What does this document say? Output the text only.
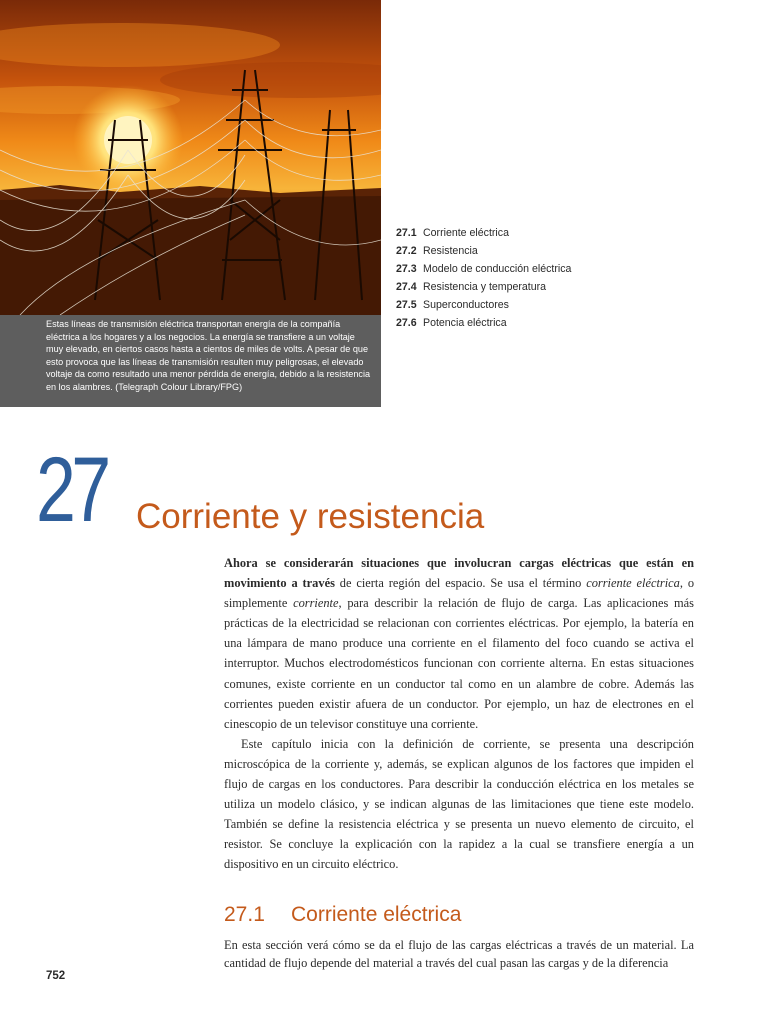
Estas líneas de transmisión eléctrica transportan energía de la compañía eléctrica a los hogares y a los negocios. La energía se transfiere a un voltaje muy elevado, en ciertos casos hasta a cientos de miles de volts. A pesar de que esto provoca que las líneas de transmisión resulten muy peligrosas, el elevado voltaje da como resultado una menor pérdida de energía, debido a la resistencia en los alambres. (Telegraph Colour Library/FPG)
27.1 Corriente eléctrica
27.2 Resistencia
27.3 Modelo de conducción eléctrica
27.4 Resistencia y temperatura
27.5 Superconductores
27.6 Potencia eléctrica
27 Corriente y resistencia

Ahora se considerarán situaciones que involucran cargas eléctricas que están en movimiento a través de cierta región del espacio. Se usa el término corriente eléctrica, o simplemente corriente, para describir la relación de flujo de carga. Las aplicaciones más prácticas de la electricidad se relacionan con corrientes eléctricas. Por ejemplo, la batería en una lámpara de mano produce una corriente en el filamento del foco cuando se activa el interruptor. Muchos electrodomésticos funcionan con corriente alterna. En estas situaciones comunes, existe corriente en un conductor tal como en un alambre de cobre. Además las corrientes pueden existir afuera de un conductor. Por ejemplo, un haz de electrones en el cinescopio de un televisor constituye una corriente.

Este capítulo inicia con la definición de corriente, se presenta una descripción microscópica de la corriente y, además, se explican algunos de los factores que impiden el flujo de cargas en los conductores. Para describir la conducción eléctrica en los metales se utiliza un modelo clásico, y se indican algunas de las limitaciones que tiene este modelo. También se define la resistencia eléctrica y se presenta un nuevo elemento de circuito, el resistor. Se concluye la explicación con la rapidez a la cual se transfiere energía a un dispositivo en un circuito eléctrico.

27.1 Corriente eléctrica
En esta sección verá cómo se da el flujo de las cargas eléctricas a través de un material. La cantidad de flujo depende del material a través del cual pasan las cargas y de la diferencia
752
